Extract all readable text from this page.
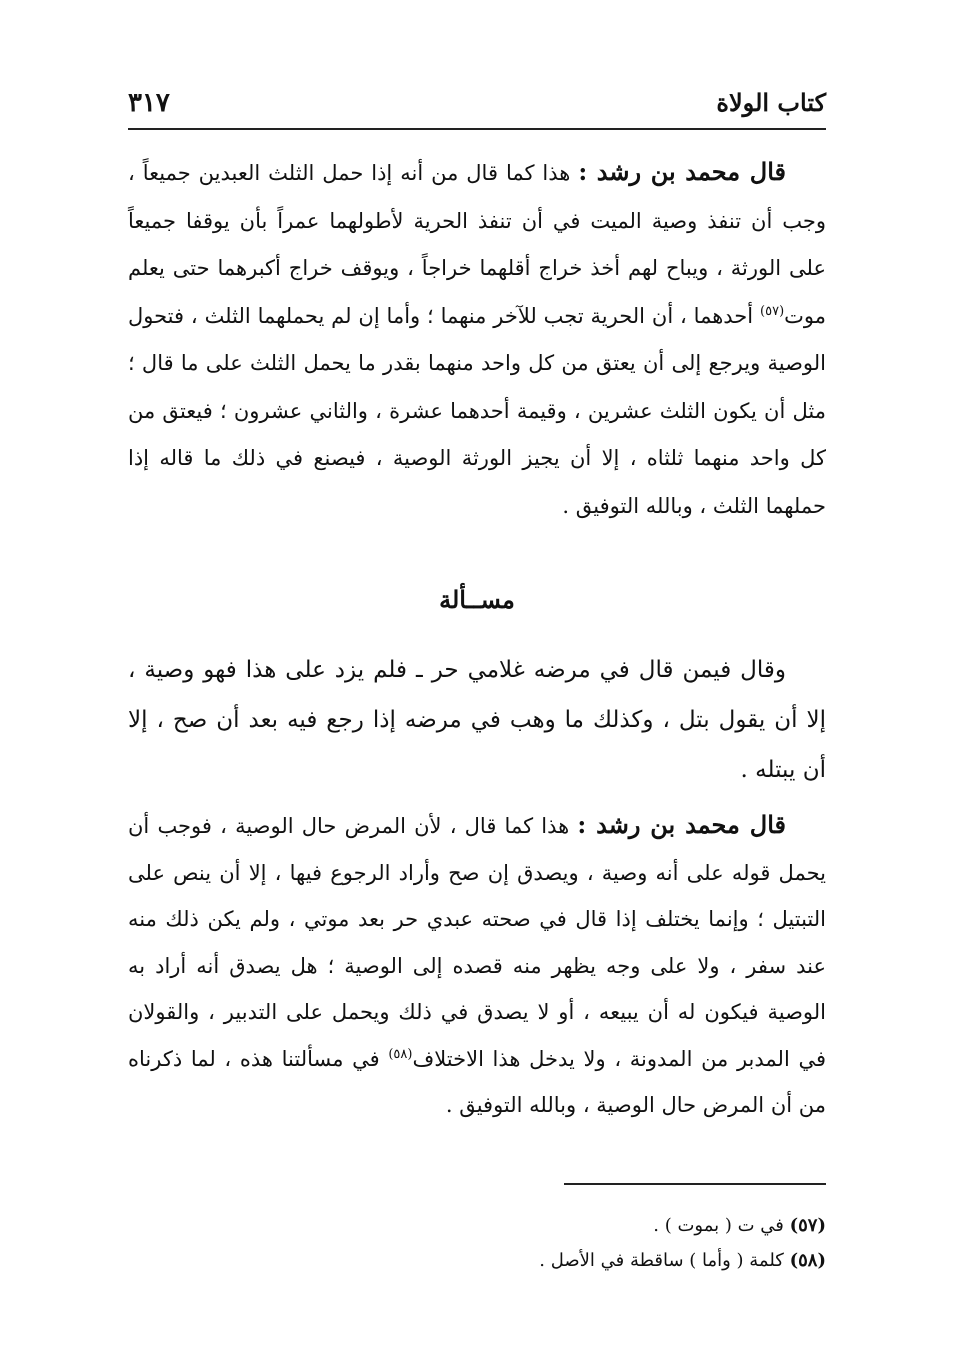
كتاب الولاة
٣١٧

قال محمد بن رشد : هذا كما قال من أنه إذا حمل الثلث العبدين جميعاً ، وجب أن تنفذ وصية الميت في أن تنفذ الحرية لأطولهما عمراً بأن يوقفا جميعاً على الورثة ، ويباح لهم أخذ خراج أقلهما خراجاً ، ويوقف خراج أكبرهما حتى يعلم موت$^{(٥٧)}$ أحدهما ، أن الحرية تجب للآخر منهما ؛ وأما إن لم يحملهما الثلث ، فتحول الوصية ويرجع إلى أن يعتق من كل واحد منهما بقدر ما يحمل الثلث على ما قال ؛ مثل أن يكون الثلث عشرين ، وقيمة أحدهما عشرة ، والثاني عشرون ؛ فيعتق من كل واحد منهما ثلثاه ، إلا أن يجيز الورثة الوصية ، فيصنع في ذلك ما قاله إذا حملهما الثلث ، وبالله التوفيق .

مســألة

وقال فيمن قال في مرضه غلامي حر ـ فلم يزد على هذا فهو وصية ، إلا أن يقول بتل ، وكذلك ما وهب في مرضه إذا رجع فيه بعد أن صح ، إلا أن يبتله .

قال محمد بن رشد : هذا كما قال ، لأن المرض حال الوصية ، فوجب أن يحمل قوله على أنه وصية ، ويصدق إن صح وأراد الرجوع فيها ، إلا أن ينص على التبتيل ؛ وإنما يختلف إذا قال في صحته عبدي حر بعد موتي ، ولم يكن ذلك منه عند سفر ، ولا على وجه يظهر منه قصده إلى الوصية ؛ هل يصدق أنه أراد به الوصية فيكون له أن يبيعه ، أو لا يصدق في ذلك ويحمل على التدبير ، والقولان في المدبر من المدونة ، ولا يدخل هذا الاختلاف$^{(٥٨)}$ في مسألتنا هذه ، لما ذكرناه من أن المرض حال الوصية ، وبالله التوفيق .

(٥٧) في ت ( بموت ) .

(٥٨) كلمة ( وأما ) ساقطة في الأصل .
